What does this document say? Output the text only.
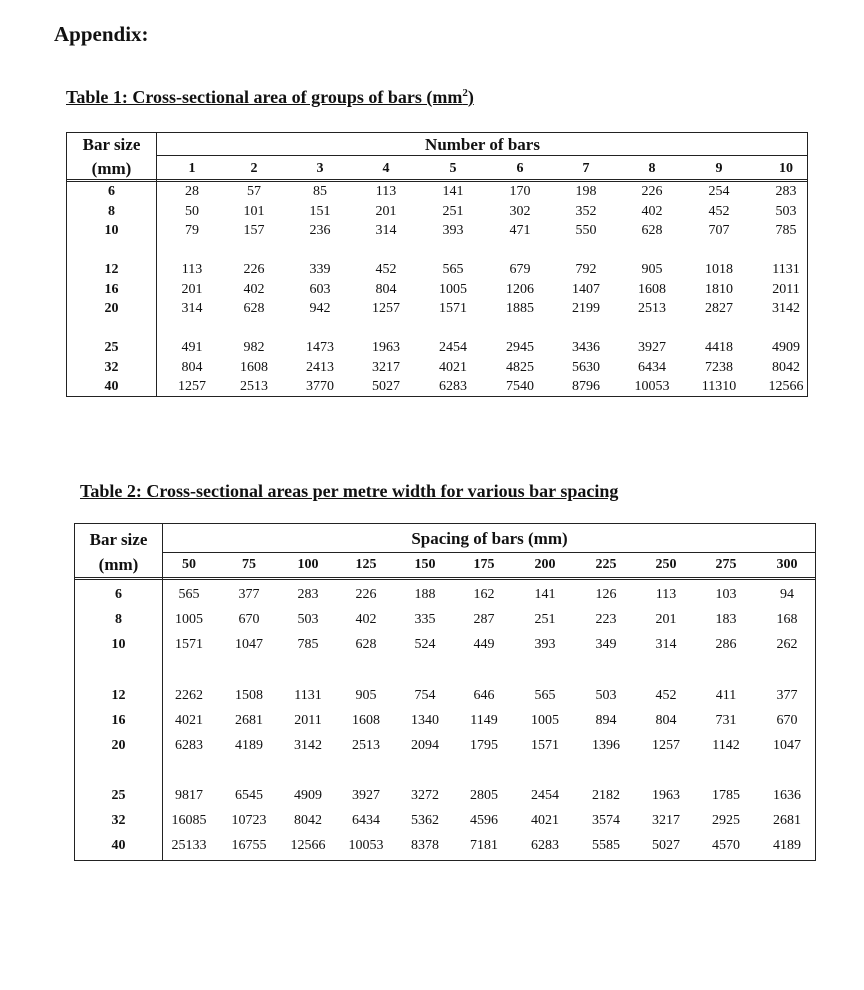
Appendix:
Table 1: Cross-sectional area of groups of bars $(mm^2)$
Number of bars
Bar size
(mm)	1	2	3	4	5	6	7	8	9	10
6	28	57	85	113	141	170	198	226	254	283
8	50	101	151	201	251	302	352	402	452	503
10	79	157	236	314	393	471	550	628	707	785
12	113	226	339	452	565	679	792	905	1018	1131
16	201	402	603	804	1005	1206	1407	1608	1810	2011
20	314	628	942	1257	1571	1885	2199	2513	2827	3142
25	491	982	1473	1963	2454	2945	3436	3927	4418	4909
32	804	1608	2413	3217	4021	4825	5630	6434	7238	8042
40	1257 2513	3770	5027	6283	7540	8796 10053 11310 12566
Table 2: Cross-sectional areas per metre width for various bar spacing
Spacing of bars (mm)
Bar size
(mm)	50	75	100	125	150	175	200	225	250	275	300
6	565	377	283	226	188	162	141	126	113	103	94
8	1005	670	503	402	335	287	251	223	201	183	168
10	1571 1047 785	628	524	449	393	349	314	286	262
12	2262 1508 1131 905	754	646	565	503	452	411	377
16	4021 2681 2011 1608 1340 1149 1005	894	804	731	670
20	6283 4189 3142 2513 2094 1795 1571 1396 1257 1142 1047
25	9817 6545 4909 3927 3272 2805 2454 2182 1963 1785 1636
32	16085 10723 8042 6434 5362 4596 4021 3574 3217 2925 2681
40	25133 16755 12566 10053 8378 7181 6283 5585 5027 4570 4189
